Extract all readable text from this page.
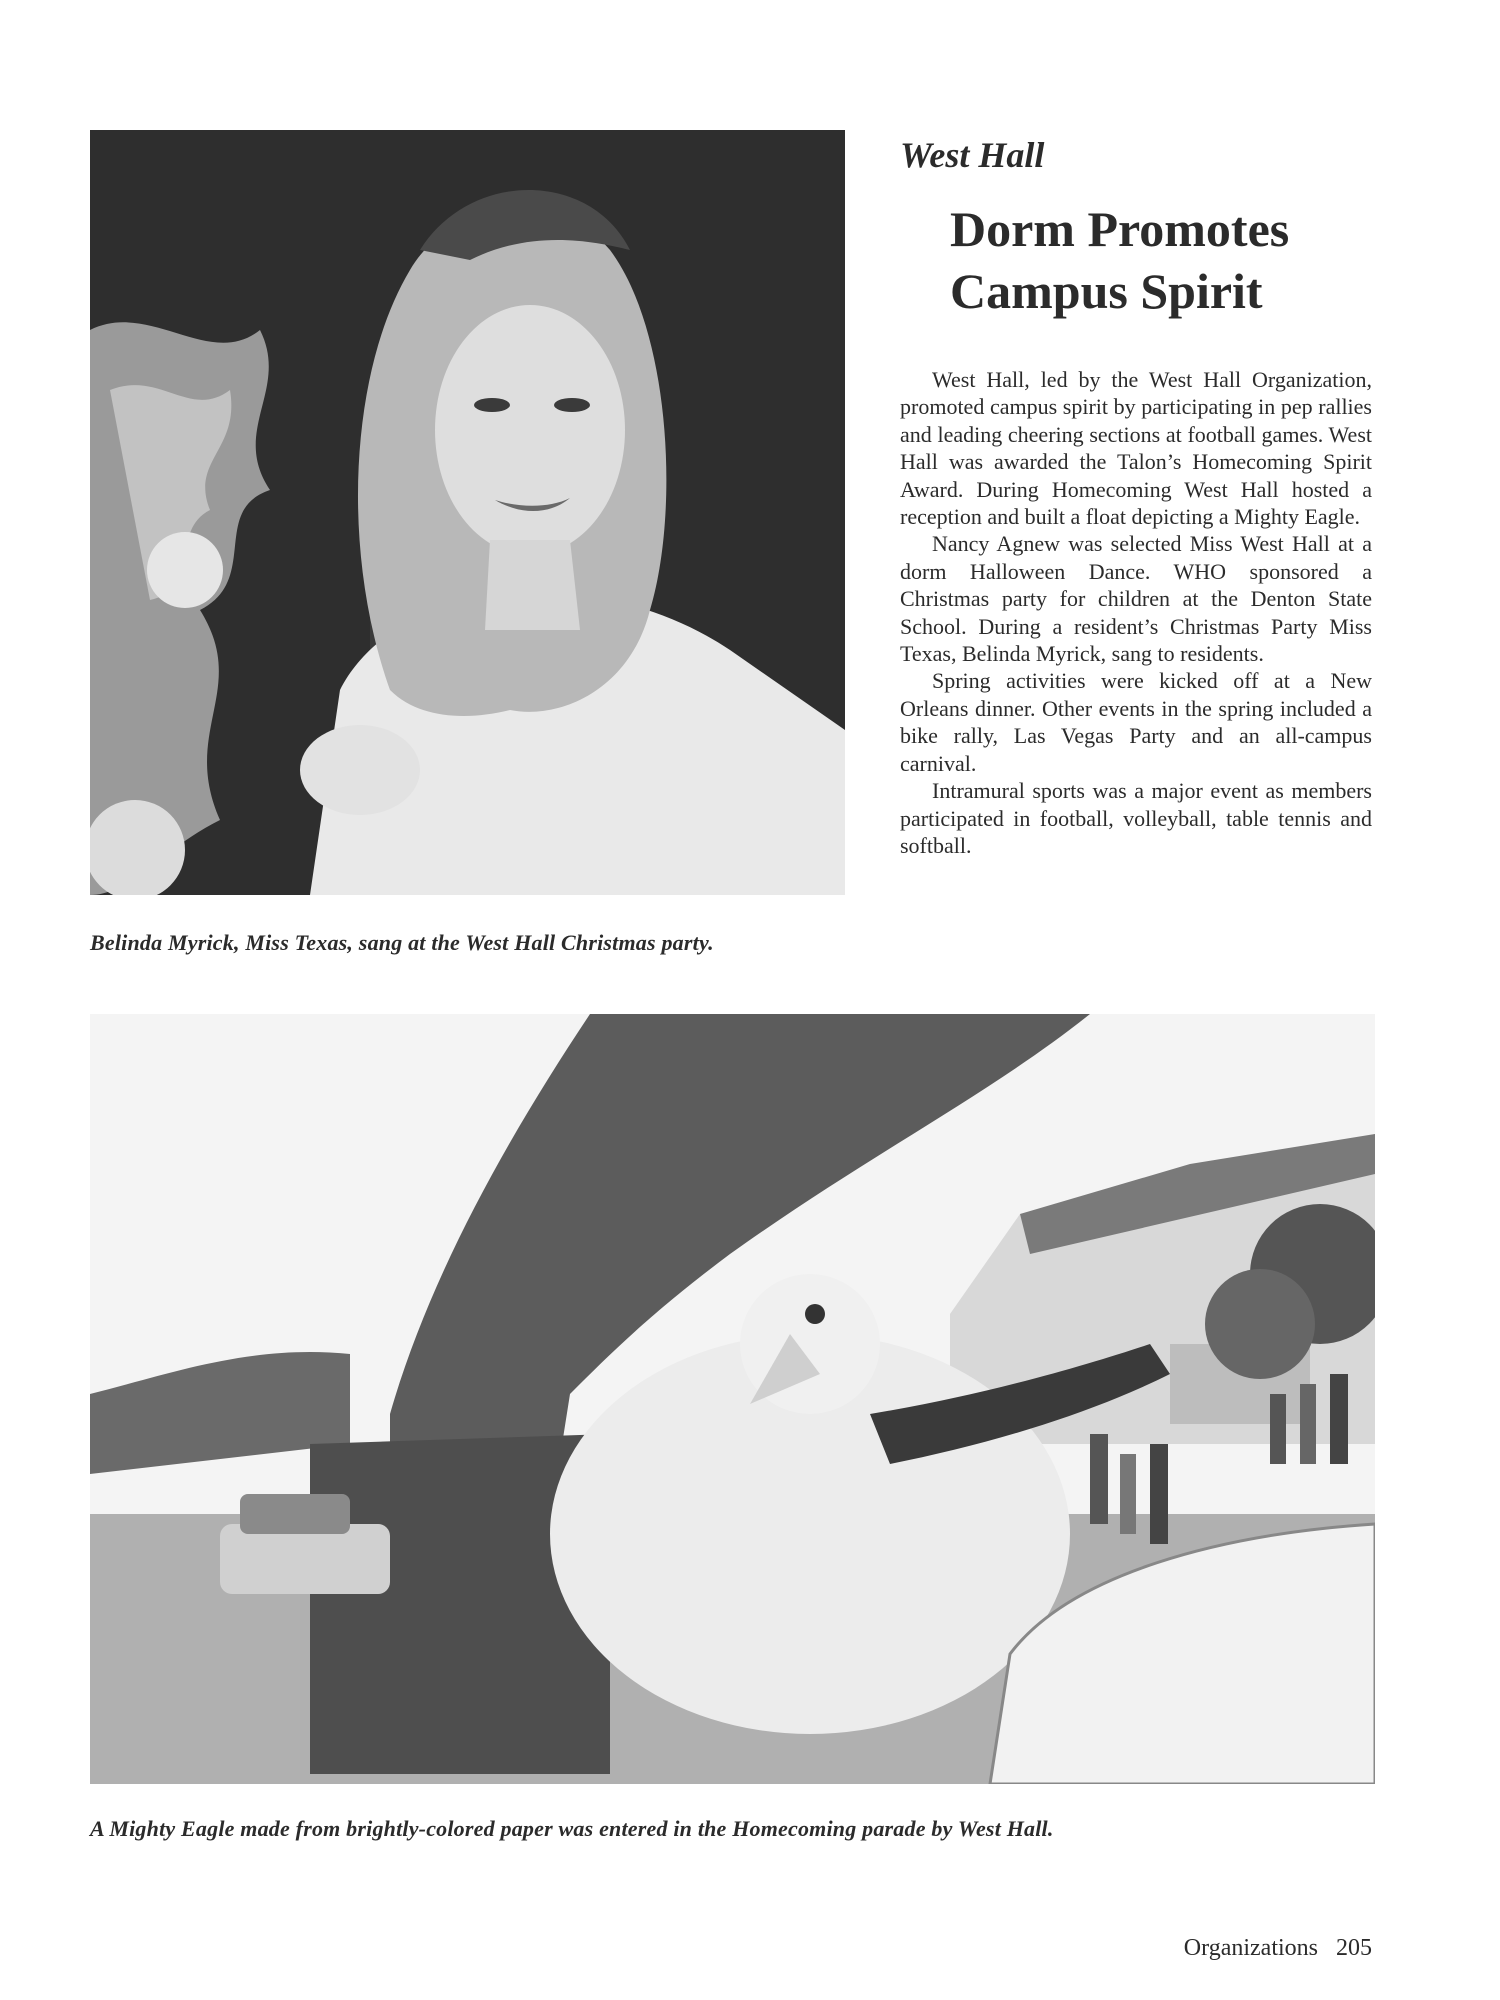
Belinda Myrick, Miss Texas, sang at the West Hall Christmas party.
West Hall
Dorm Promotes
Campus Spirit

West Hall, led by the West Hall Organization, promoted campus spirit by participating in pep rallies and leading cheering sections at football games. West Hall was awarded the Talon’s Homecoming Spirit Award. During Homecoming West Hall hosted a reception and built a float depicting a Mighty Eagle.

Nancy Agnew was selected Miss West Hall at a dorm Halloween Dance. WHO sponsored a Christmas party for children at the Denton State School. During a resident’s Christmas Party Miss Texas, Belinda Myrick, sang to residents.

Spring activities were kicked off at a New Orleans dinner. Other events in the spring included a bike rally, Las Vegas Party and an all-campus carnival.

Intramural sports was a major event as members participated in football, volleyball, table tennis and softball.

A Mighty Eagle made from brightly-colored paper was entered in the Homecoming parade by West Hall.
Organizations 205
